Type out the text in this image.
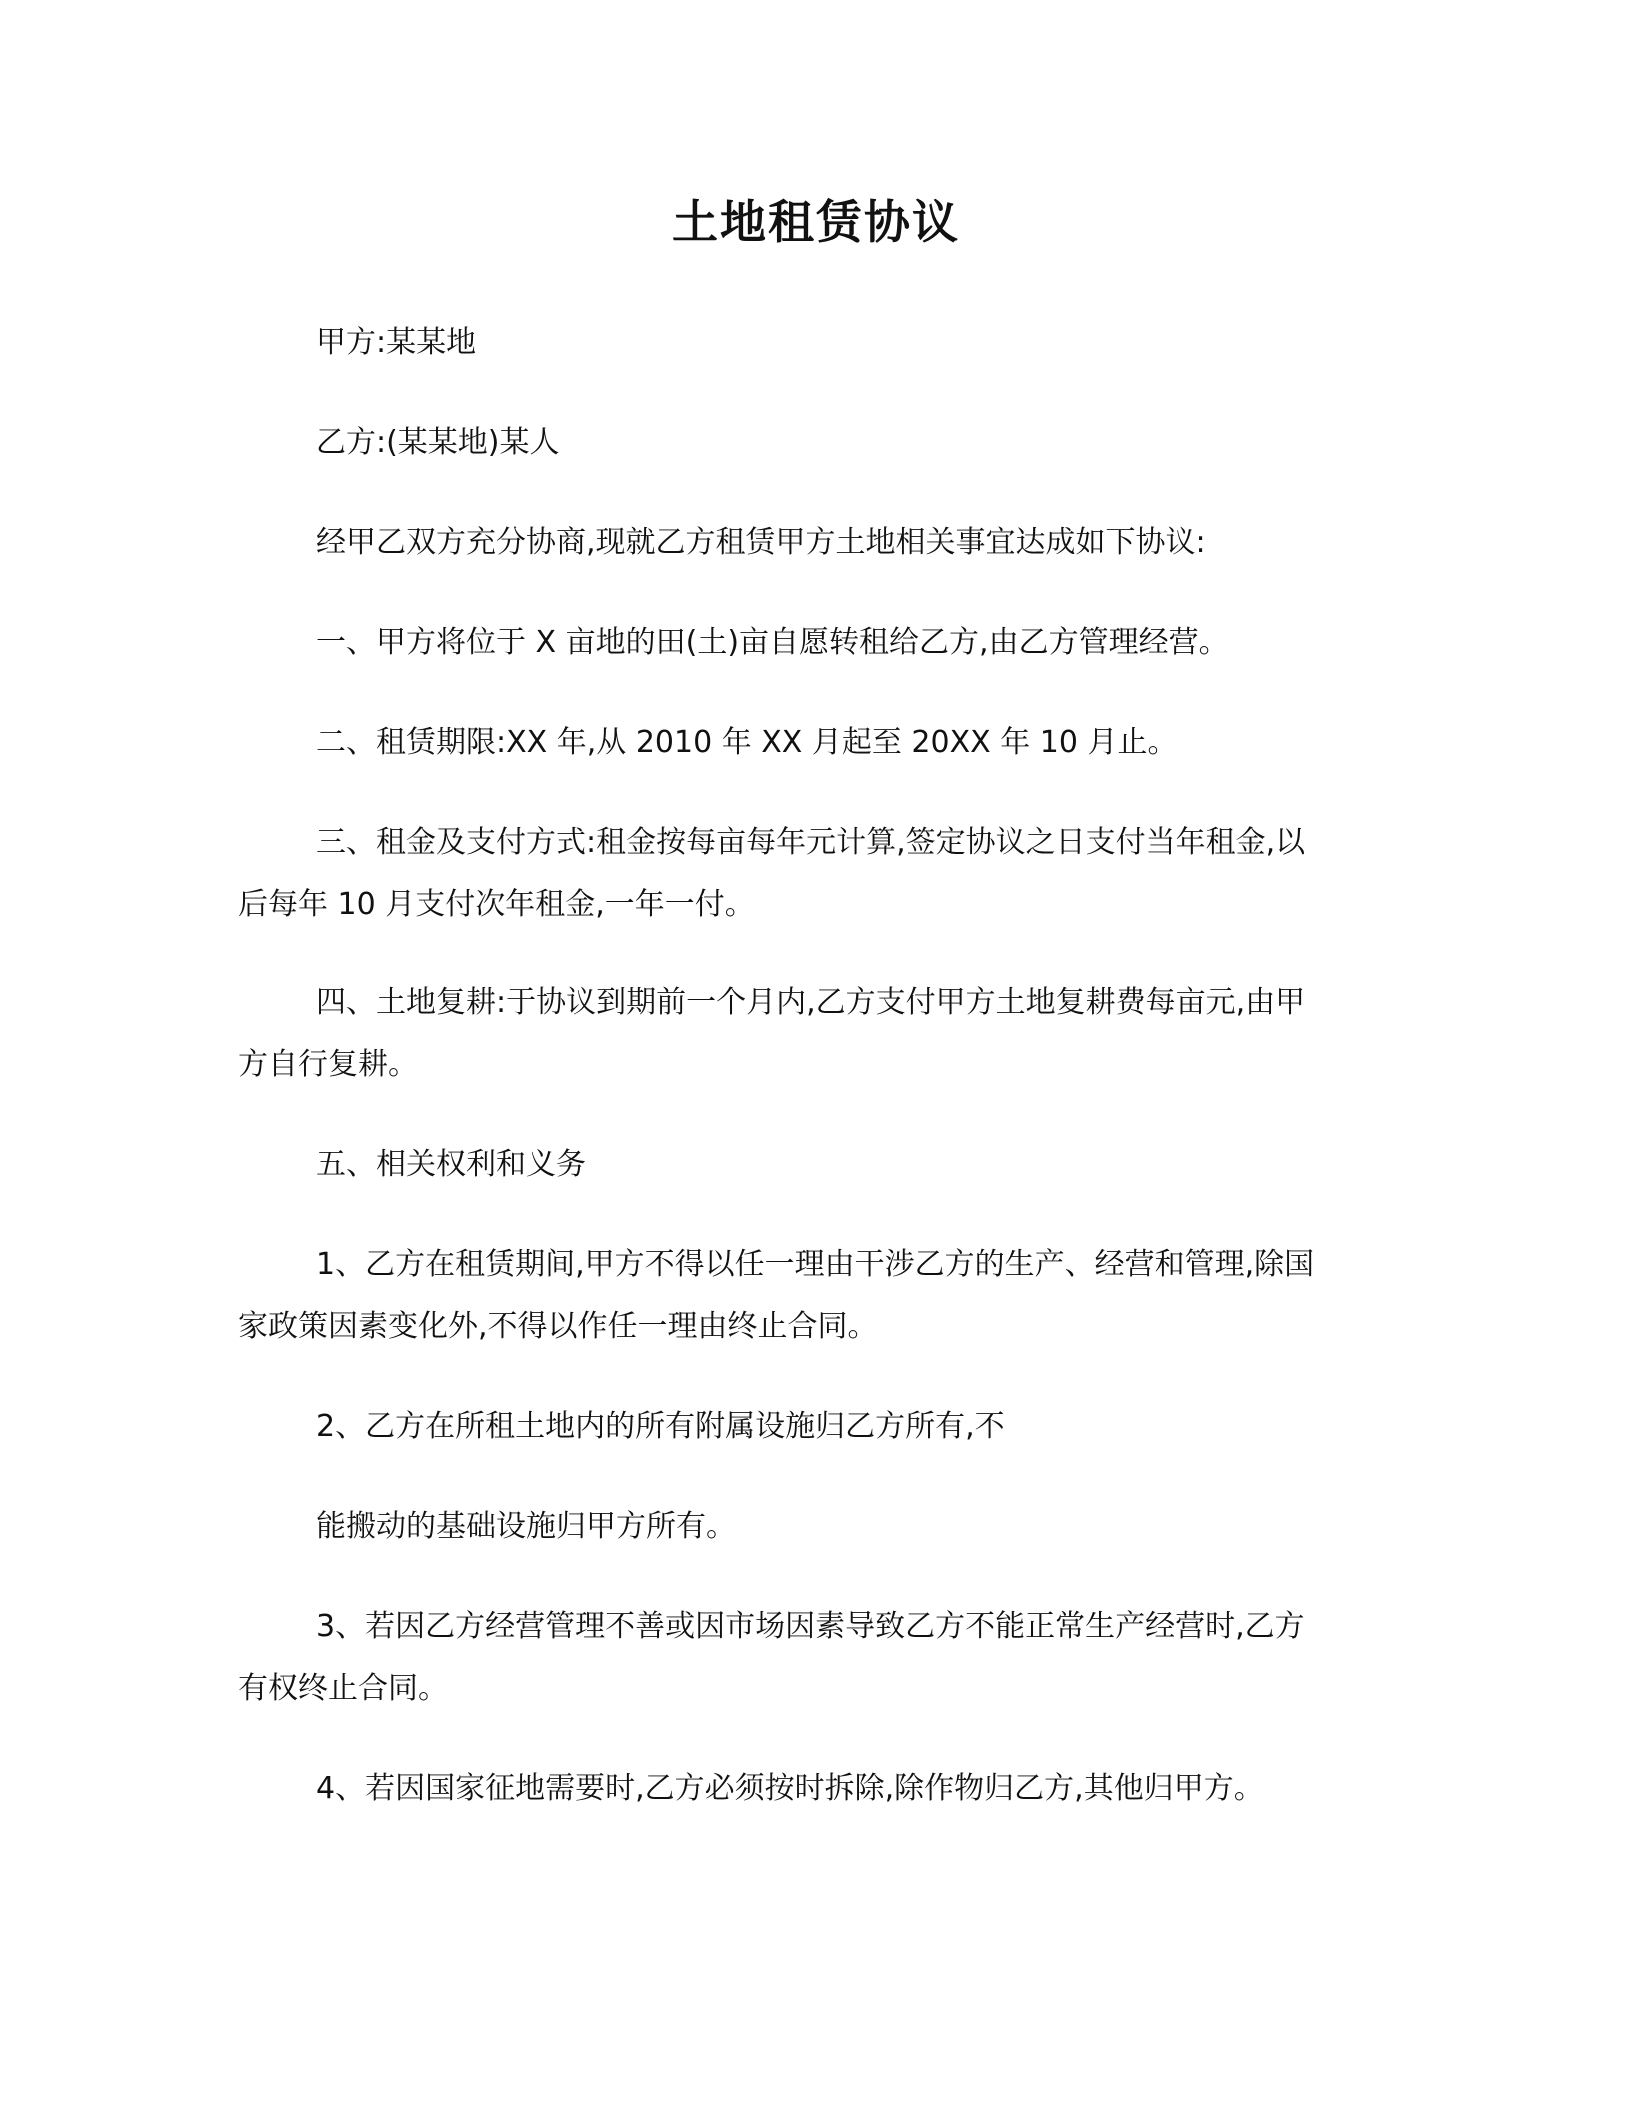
土地租赁协议

甲方:某某地

乙方:(某某地)某人

经甲乙双方充分协商,现就乙方租赁甲方土地相关事宜达成如下协议:

一、甲方将位于 X 亩地的田(土)亩自愿转租给乙方,由乙方管理经营。

二、租赁期限:XX 年,从 2010 年 XX 月起至 20XX 年 10 月止。

三、租金及支付方式:租金按每亩每年元计算,签定协议之日支付当年租金,以

后每年 10 月支付次年租金,一年一付。

四、土地复耕:于协议到期前一个月内,乙方支付甲方土地复耕费每亩元,由甲

方自行复耕。

五、相关权利和义务

1、乙方在租赁期间,甲方不得以任一理由干涉乙方的生产、经营和管理,除国

家政策因素变化外,不得以作任一理由终止合同。

2、乙方在所租土地内的所有附属设施归乙方所有,不

能搬动的基础设施归甲方所有。

3、若因乙方经营管理不善或因市场因素导致乙方不能正常生产经营时,乙方

有权终止合同。

4、若因国家征地需要时,乙方必须按时拆除,除作物归乙方,其他归甲方。
